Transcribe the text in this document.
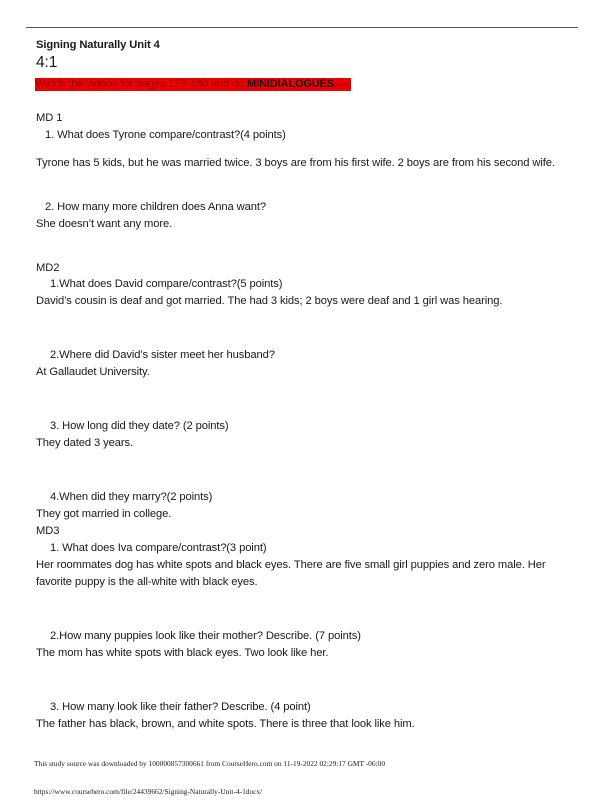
Signing Naturally Unit 4
4:1
Watch the videos for pages 178-180 and do MINIDIALOGUESPG179
MD 1
1. What does Tyrone compare/contrast?(4 points)
Tyrone has 5 kids, but he was married twice. 3 boys are from his first wife. 2 boys are from his second wife.
2. How many more children does Anna want?
She doesn’t want any more.
MD2
1.What does David compare/contrast?(5 points)
David’s cousin is deaf and got married. The had 3 kids; 2 boys were deaf and 1 girl was hearing.
2.Where did David’s sister meet her husband?
At Gallaudet University.
3. How long did they date? (2 points)
They dated 3 years.
4.When did they marry?(2 points)
They got married in college.
MD3
1. What does Iva compare/contrast?(3 point)
Her roommates dog has white spots and black eyes. There are five small girl puppies and zero male. Her
favorite puppy is the all-white with black eyes.
2.How many puppies look like their mother? Describe. (7 points)
The mom has white spots with black eyes. Two look like her.
3. How many look like their father? Describe. (4 point)
The father has black, brown, and white spots. There is three that look like him.
This study source was downloaded by 100000857300661 from CourseHero.com on 11-19-2022 02:29:17 GMT -06:00
https://www.coursehero.com/file/24439662/Signing-Naturally-Unit-4-1docx/
